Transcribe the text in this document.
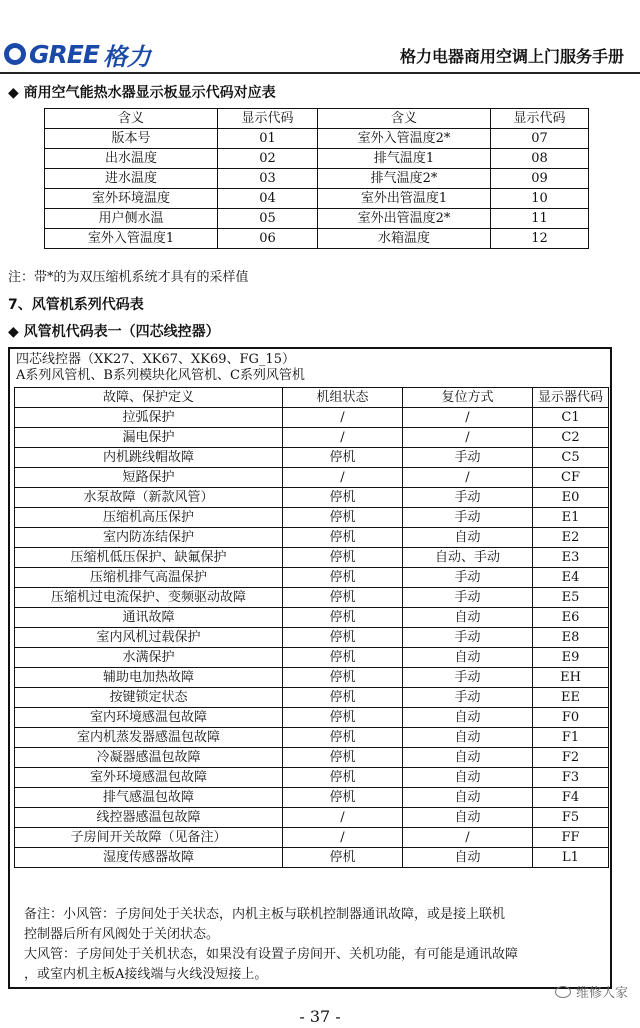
GREE 格力	格力电器商用空调上门服务手册
◆ 商用空气能热水器显示板显示代码对应表
含义	显示代码	含义	显示代码
版本号	01	室外入管温度2*	07
出水温度	02	排气温度1	08
进水温度	03	排气温度2*	09
室外环境温度	04	室外出管温度1	10
用户侧水温	05	室外出管温度2*	11
室外入管温度1	06	水箱温度	12
注：带*的为双压缩机系统才具有的采样值
7、风管机系列代码表
◆ 风管机代码表一（四芯线控器）
四芯线控器（XK27、XK67、XK69、FG_15）
A系列风管机、B系列模块化风管机、C系列风管机
故障、保护定义	机组状态	复位方式	显示器代码
拉弧保护	/	/	C1
漏电保护	/	/	C2
内机跳线帽故障	停机	手动	C5
短路保护	/	/	CF
水泵故障（新款风管）	停机	手动	E0
压缩机高压保护	停机	手动	E1
室内防冻结保护	停机	自动	E2
压缩机低压保护、缺氟保护	停机	自动、手动	E3
压缩机排气高温保护	停机	手动	E4
压缩机过电流保护、变频驱动故障	停机	手动	E5
通讯故障	停机	自动	E6
室内风机过载保护	停机	手动	E8
水满保护	停机	自动	E9
辅助电加热故障	停机	手动	EH
按键锁定状态	停机	手动	EE
室内环境感温包故障	停机	自动	F0
室内机蒸发器感温包故障	停机	自动	F1
冷凝器感温包故障	停机	自动	F2
室外环境感温包故障	停机	自动	F3
排气感温包故障	停机	自动	F4
线控器感温包故障	/	自动	F5
子房间开关故障（见备注）	/	/	FF
湿度传感器故障	停机	自动	L1

备注：小风管：子房间处于关状态，内机主板与联机控制器通讯故障，或是接上联机

控制器后所有风阀处于关闭状态。

大风管：子房间处于关机状态，如果没有设置子房间开、关机功能，有可能是通讯故障

，或室内机主板A接线端与火线没短接上。

维修人家
- 37 -
